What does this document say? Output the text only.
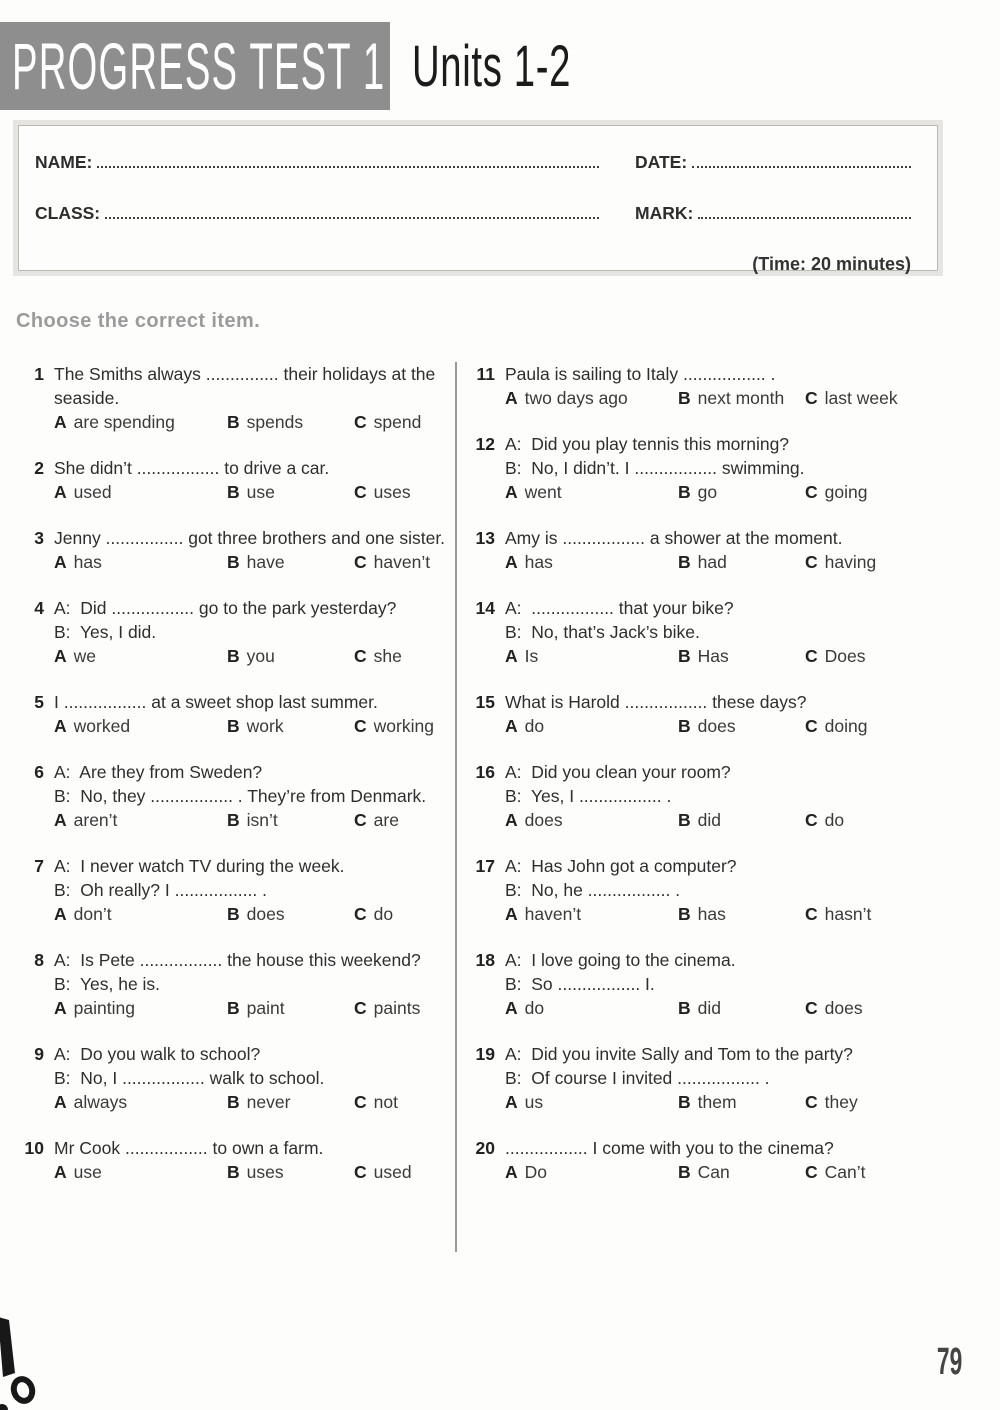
PROGRESS TEST 1 Units 1-2
NAME:	DATE:
CLASS:	MARK:
(Time: 20 minutes)
Choose the correct item.
1 The Smiths always ............... their holidays at the
seaside.
A are spending	B spends	C spend
2 She didn’t ................. to drive a car.
A used	B use	C uses
3 Jenny ................ got three brothers and one sister.
A has	B have	C haven’t
4 A:  Did ................. go to the park yesterday?
B:  Yes, I did.
A we	B you	C she
5 I ................. at a sweet shop last summer.
A worked	B work	C working
6 A:  Are they from Sweden?
B:  No, they ................. . They’re from Denmark.
A aren’t	B isn’t	C are
7 A:  I never watch TV during the week.
B:  Oh really? I ................. .
A don’t	B does	C do
8 A:  Is Pete ................. the house this weekend?
B:  Yes, he is.
A painting	B paint	C paints
9 A:  Do you walk to school?
B:  No, I ................. walk to school.
A always	B never	C not
10 Mr Cook ................. to own a farm.
A use	B uses	C used
11 Paula is sailing to Italy ................. .
A two days ago	B next month	C last week
12 A:  Did you play tennis this morning?
B:  No, I didn’t. I ................. swimming.
A went	B go	C going
13 Amy is ................. a shower at the moment.
A has	B had	C having
14 A:  ................. that your bike?
B:  No, that’s Jack’s bike.
A Is	B Has	C Does
15 What is Harold ................. these days?
A do	B does	C doing
16 A:  Did you clean your room?
B:  Yes, I ................. .
A does	B did	C do
17 A:  Has John got a computer?
B:  No, he ................. .
A haven’t	B has	C hasn’t
18 A:  I love going to the cinema.
B:  So ................. I.
A do	B did	C does
19 A:  Did you invite Sally and Tom to the party?
B:  Of course I invited ................. .
A us	B them	C they
20 ................. I come with you to the cinema?
A Do	B Can	C Can’t
79
